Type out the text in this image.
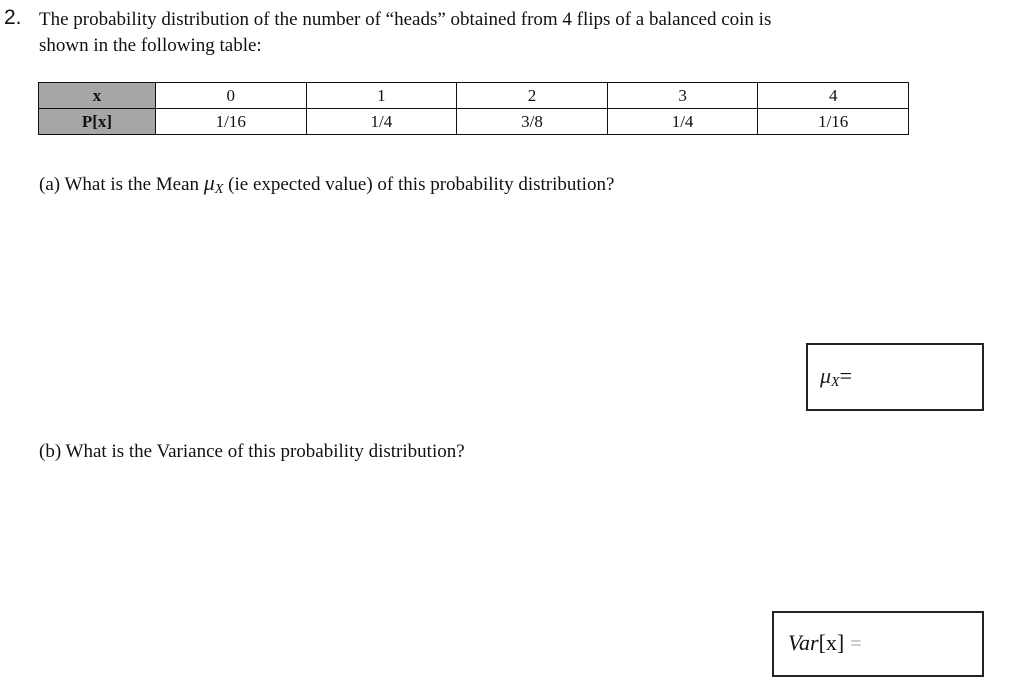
2. The probability distribution of the number of “heads” obtained from 4 flips of a balanced coin is
shown in the following table:
x	0	1	2	3	4
P[x]	1/16	1/4	3/8	1/4	1/16
(a) What is the Mean $\mu_X$ (ie expected value) of this probability distribution?
$\mu_X=$
(b) What is the Variance of this probability distribution?
Var[x] =
